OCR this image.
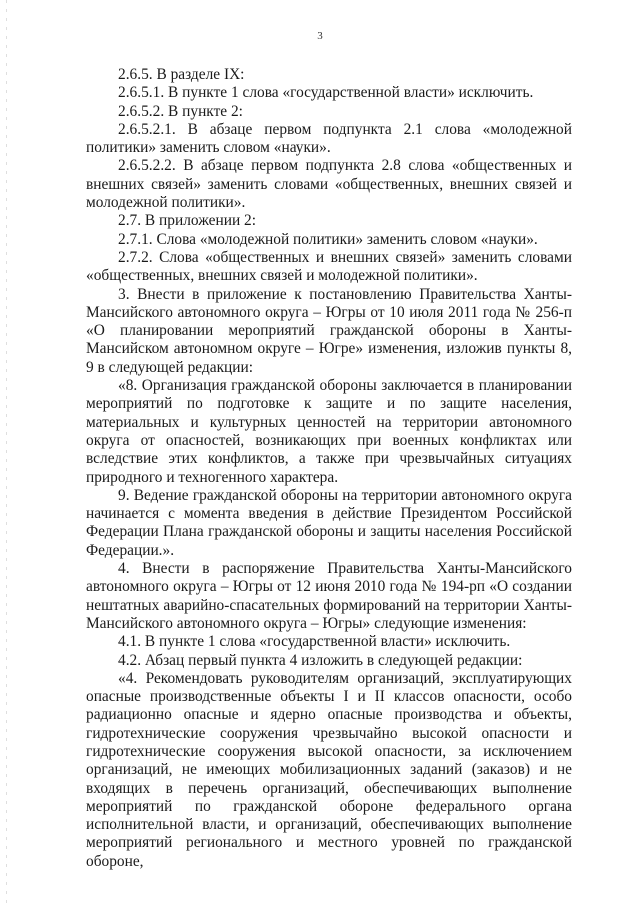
3

2.6.5. В разделе IX:

2.6.5.1. В пункте 1 слова «государственной власти» исключить.

2.6.5.2. В пункте 2:

2.6.5.2.1. В абзаце первом подпункта 2.1 слова «молодежной политики» заменить словом «науки».

2.6.5.2.2. В абзаце первом подпункта 2.8 слова «общественных и внешних связей» заменить словами «общественных, внешних связей и молодежной политики».

2.7. В приложении 2:

2.7.1. Слова «молодежной политики» заменить словом «науки».

2.7.2. Слова «общественных и внешних связей» заменить словами «общественных, внешних связей и молодежной политики».

3. Внести в приложение к постановлению Правительства Ханты-Мансийского автономного округа – Югры от 10 июля 2011 года № 256-п «О планировании мероприятий гражданской обороны в Ханты-Мансийском автономном округе – Югре» изменения, изложив пункты 8, 9 в следующей редакции:

«8. Организация гражданской обороны заключается в планировании мероприятий по подготовке к защите и по защите населения, материальных и культурных ценностей на территории автономного округа от опасностей, возникающих при военных конфликтах или вследствие этих конфликтов, а также при чрезвычайных ситуациях природного и техногенного характера.

9. Ведение гражданской обороны на территории автономного округа начинается с момента введения в действие Президентом Российской Федерации Плана гражданской обороны и защиты населения Российской Федерации.».

4. Внести в распоряжение Правительства Ханты-Мансийского автономного округа – Югры от 12 июня 2010 года № 194-рп «О создании нештатных аварийно-спасательных формирований на территории Ханты-Мансийского автономного округа – Югры» следующие изменения:

4.1. В пункте 1 слова «государственной власти» исключить.

4.2. Абзац первый пункта 4 изложить в следующей редакции:

«4. Рекомендовать руководителям организаций, эксплуатирующих опасные производственные объекты I и II классов опасности, особо радиационно опасные и ядерно опасные производства и объекты, гидротехнические сооружения чрезвычайно высокой опасности и гидротехнические сооружения высокой опасности, за исключением организаций, не имеющих мобилизационных заданий (заказов) и не входящих в перечень организаций, обеспечивающих выполнение мероприятий по гражданской обороне федерального органа исполнительной власти, и организаций, обеспечивающих выполнение мероприятий регионального и местного уровней по гражданской обороне,
